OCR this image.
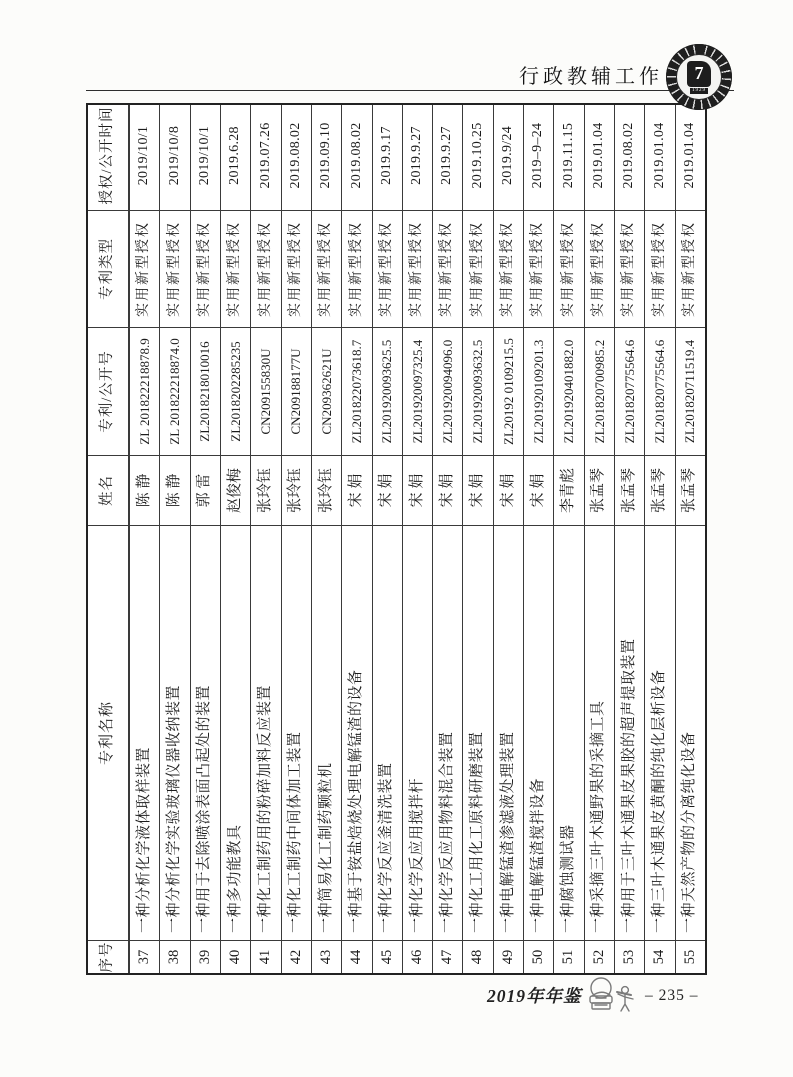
行政教辅工作	7
1929
序号
专利名称
姓名
专利/公开号
专利类型
授权/公开时间
37
一种分析化学液体取样装置
陈 静
ZL 201822218878.9
实用新型授权
2019/10/1
38
一种分析化学实验玻璃仪器收纳装置
陈 静
ZL 201822218874.0
实用新型授权
2019/10/8
39
一种用于去除喷涂表面凸起处的装置
郭 雷
ZL2018218010016
实用新型授权
2019/10/1
40
一种多功能教具
赵俊梅
ZL2018202285235
实用新型授权
2019.6.28
41
一种化工制药用的粉碎加料反应装置
张玲钰
CN209155830U
实用新型授权
2019.07.26
42
一种化工制药中间体加工装置
张玲钰
CN209188177U
实用新型授权
2019.08.02
43
一种简易化工制药颗粒机
张玲钰
CN209362621U
实用新型授权
2019.09.10
44
一种基于铵盐焙烧处理电解锰渣的设备
宋 娟
ZL201822073618.7
实用新型授权
2019.08.02
45
一种化学反应釜清洗装置
宋 娟
ZL201920093625.5
实用新型授权
2019.9.17
46
一种化学反应用搅拌杆
宋 娟
ZL201920097325.4
实用新型授权
2019.9.27
47
一种化学反应用物料混合装置
宋 娟
ZL201920094096.0
实用新型授权
2019.9.27
48
一种化工用化工原料研磨装置
宋 娟
ZL201920093632.5
实用新型授权
2019.10.25
49
一种电解锰渣渗滤液处理装置
宋 娟
ZL20192 0109215.5
实用新型授权
2019.9/24
50
一种电解锰渣搅拌设备
宋 娟
ZL201920109201.3
实用新型授权
2019–9–24
51
一种腐蚀测试器
李青彪
ZL201920401882.0
实用新型授权
2019.11.15
52
一种采摘三叶木通野果的采摘工具
张孟琴
ZL201820700985.2
实用新型授权
2019.01.04
53
一种用于三叶木通果皮果胶的超声提取装置
张孟琴
ZL201820775564.6
实用新型授权
2019.08.02
54
一种三叶木通果皮黄酮的纯化层析设备
张孟琴
ZL201820775564.6
实用新型授权
2019.01.04
55
一种天然产物的分离纯化设备
张孟琴
ZL201820711519.4
实用新型授权
2019.01.04
2019年年鉴	– 235 –
